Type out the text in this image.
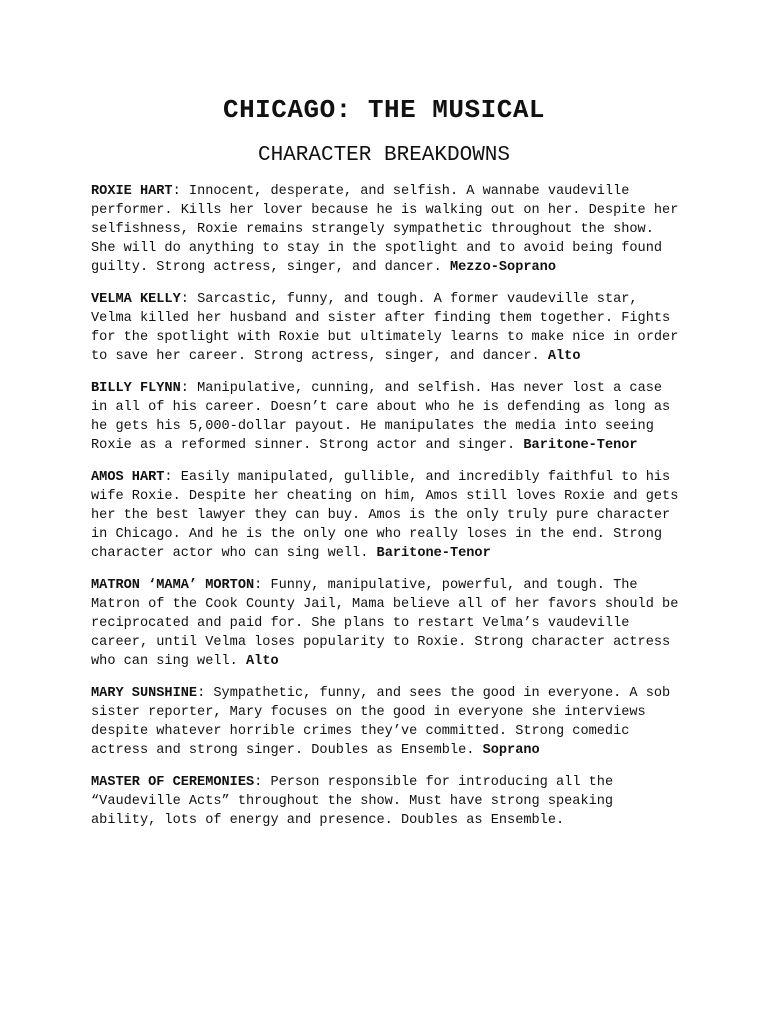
CHICAGO: THE MUSICAL
CHARACTER BREAKDOWNS

ROXIE HART: Innocent, desperate, and selfish. A wannabe vaudeville performer. Kills her lover because he is walking out on her. Despite her selfishness, Roxie remains strangely sympathetic throughout the show. She will do anything to stay in the spotlight and to avoid being found guilty. Strong actress, singer, and dancer. Mezzo-Soprano

VELMA KELLY: Sarcastic, funny, and tough. A former vaudeville star, Velma killed her husband and sister after finding them together. Fights for the spotlight with Roxie but ultimately learns to make nice in order to save her career. Strong actress, singer, and dancer. Alto

BILLY FLYNN: Manipulative, cunning, and selfish. Has never lost a case in all of his career. Doesn’t care about who he is defending as long as he gets his 5,000-dollar payout. He manipulates the media into seeing Roxie as a reformed sinner. Strong actor and singer. Baritone-Tenor

AMOS HART: Easily manipulated, gullible, and incredibly faithful to his wife Roxie. Despite her cheating on him, Amos still loves Roxie and gets her the best lawyer they can buy. Amos is the only truly pure character in Chicago. And he is the only one who really loses in the end. Strong character actor who can sing well. Baritone-Tenor

MATRON ‘MAMA’ MORTON: Funny, manipulative, powerful, and tough. The Matron of the Cook County Jail, Mama believe all of her favors should be reciprocated and paid for. She plans to restart Velma’s vaudeville career, until Velma loses popularity to Roxie. Strong character actress who can sing well. Alto

MARY SUNSHINE: Sympathetic, funny, and sees the good in everyone. A sob sister reporter, Mary focuses on the good in everyone she interviews despite whatever horrible crimes they’ve committed. Strong comedic actress and strong singer. Doubles as Ensemble. Soprano

MASTER OF CEREMONIES: Person responsible for introducing all the “Vaudeville Acts” throughout the show. Must have strong speaking ability, lots of energy and presence. Doubles as Ensemble.
